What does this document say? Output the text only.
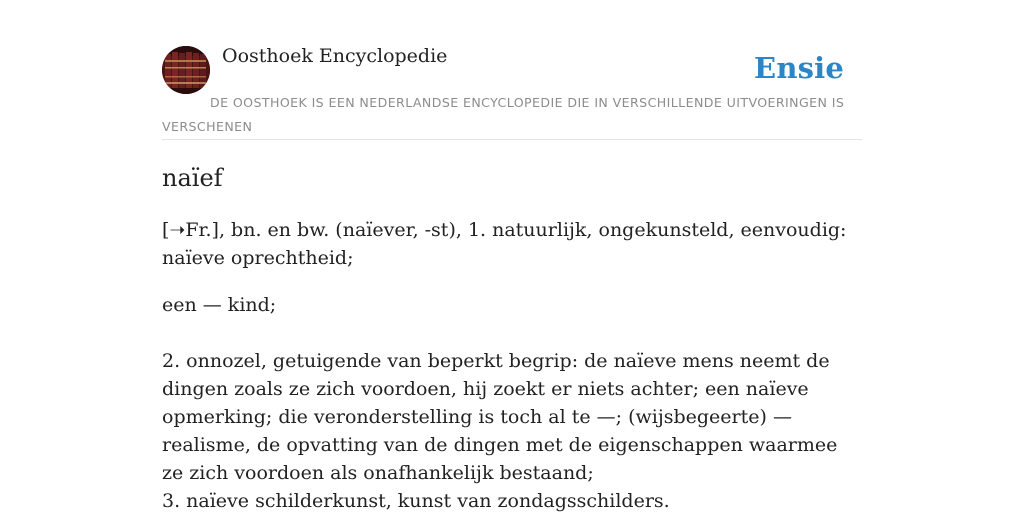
Oosthoek Encyclopedie	Ensie
DE OOSTHOEK IS EEN NEDERLANDSE ENCYCLOPEDIE DIE IN VERSCHILLENDE UITVOERINGEN IS VERSCHENEN
naïef

[➝Fr.], bn. en bw. (naïever, -st), 1. natuurlijk, ongekunsteld, eenvoudig: naïeve oprechtheid;

een — kind;

2. onnozel, getuigende van beperkt begrip: de naïeve mens neemt de dingen zoals ze zich voordoen, hij zoekt er niets achter; een naïeve opmerking; die veronderstelling is toch al te —; (wijsbegeerte) — realisme, de opvatting van de dingen met de eigenschappen waarmee ze zich voordoen als onafhankelijk bestaand;

3. naïeve schilderkunst, kunst van zondagsschilders.
